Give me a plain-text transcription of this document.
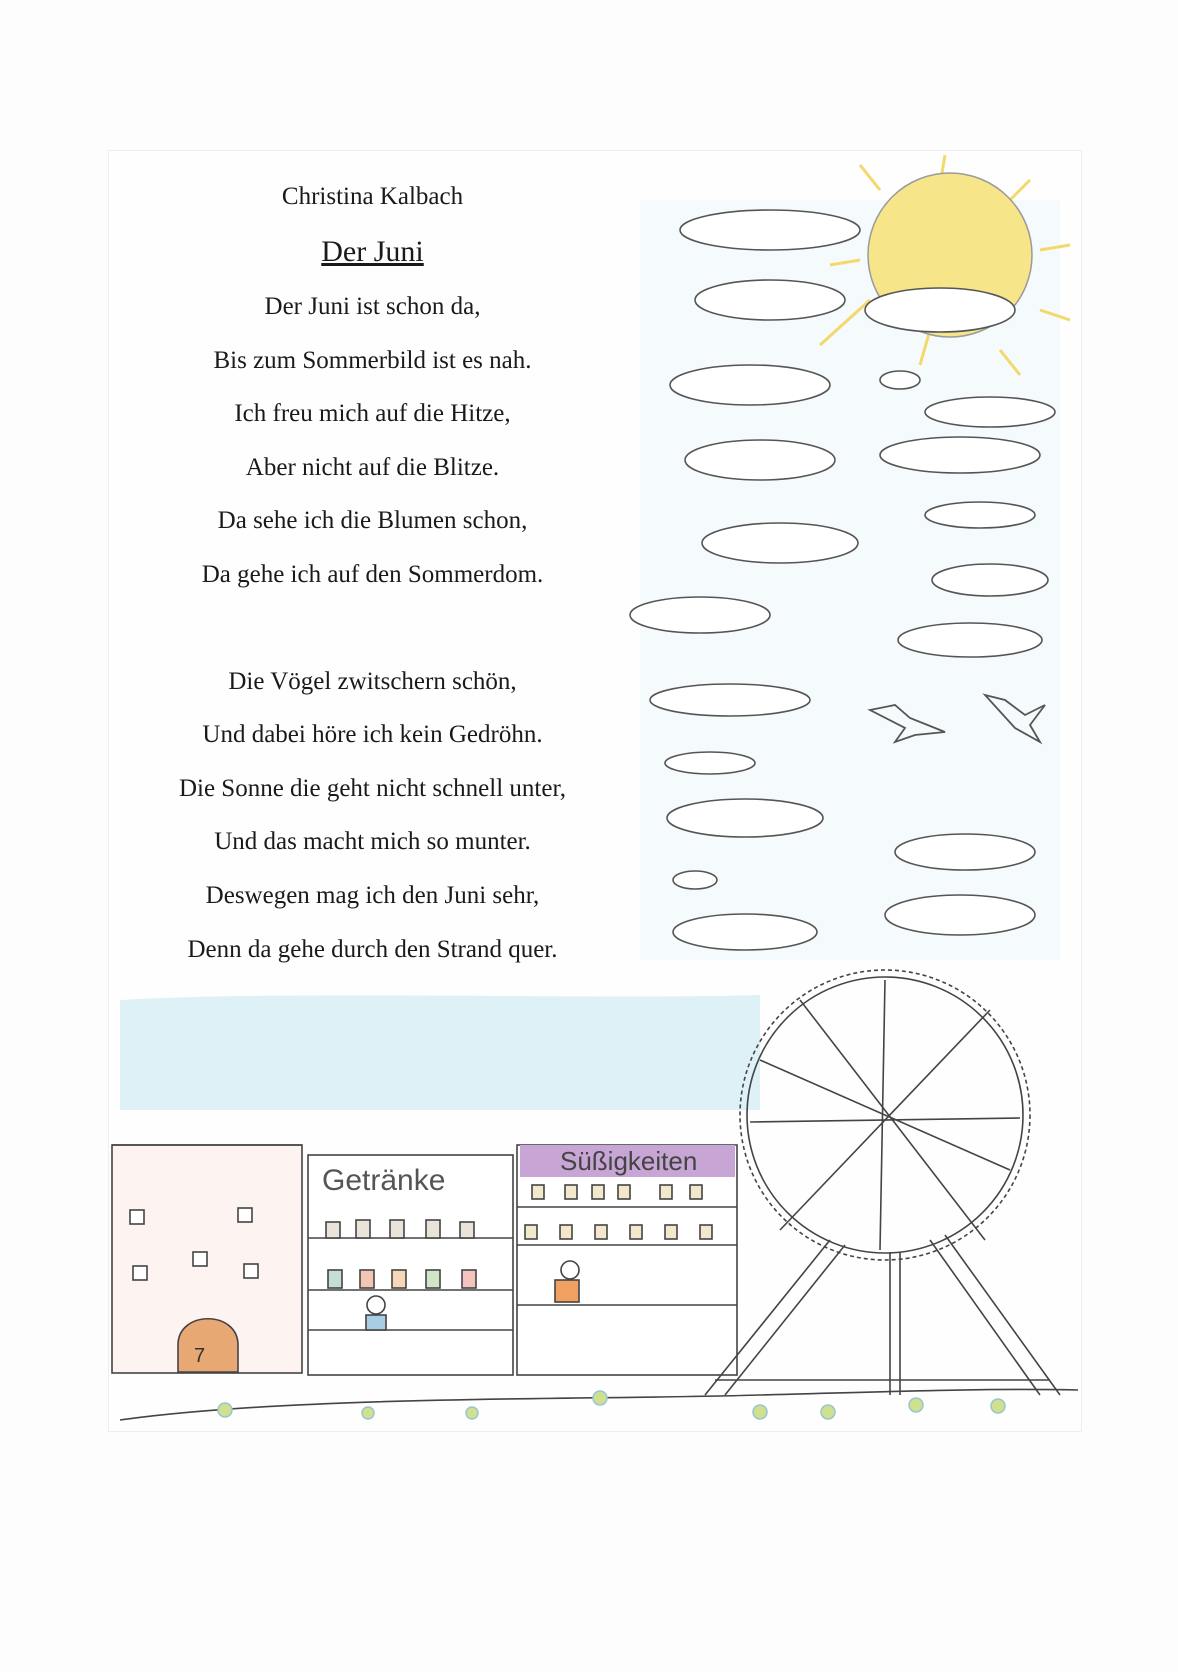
7
Getränke
Süßigkeiten
Christina Kalbach
Der Juni
Der Juni ist schon da,
Bis zum Sommerbild ist es nah.
Ich freu mich auf die Hitze,
Aber nicht auf die Blitze.
Da sehe ich die Blumen schon,
Da gehe ich auf den Sommerdom.
Die Vögel zwitschern schön,
Und dabei höre ich kein Gedröhn.
Die Sonne die geht nicht schnell unter,
Und das macht mich so munter.
Deswegen mag ich den Juni sehr,
Denn da gehe durch den Strand quer.
